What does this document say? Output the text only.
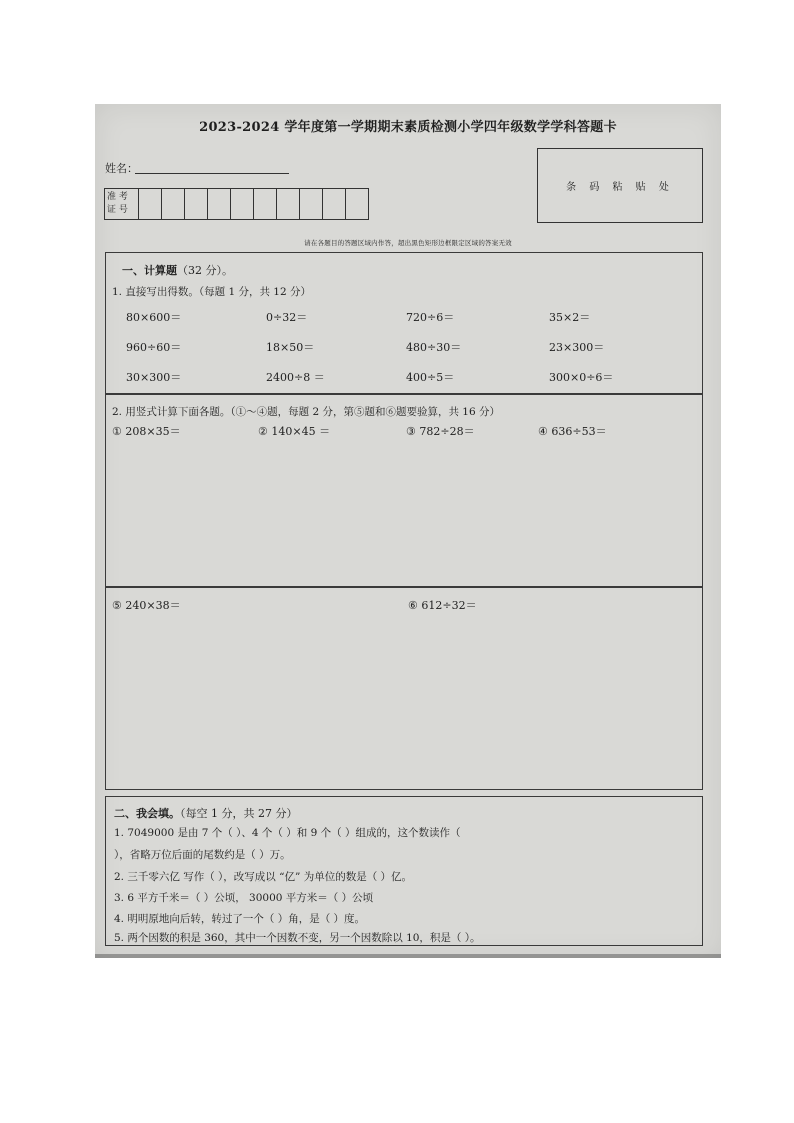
2023-2024 学年度第一学期期末素质检测小学四年级数学学科答题卡
姓名：
准 考
证 号
条 码 粘 贴 处
请在各题目的答题区域内作答，超出黑色矩形边框限定区域的答案无效
一、计算题（32 分）。
1. 直接写出得数。（每题 1 分，共 12 分）
80×600＝	0÷32＝	720÷6＝	35×2＝
960÷60＝	18×50＝	480÷30＝	23×300＝
30×300＝	2400÷8 ＝	400÷5＝	300×0÷6＝
2. 用竖式计算下面各题。（①～④题，每题 2 分，第⑤题和⑥题要验算，共 16 分）
① 208×35＝	② 140×45 ＝	③ 782÷28＝	④ 636÷53＝
⑤ 240×38＝	⑥ 612÷32＝
二、我会填。（每空 1 分，共 27 分）
1. 7049000 是由 7 个（ ）、4 个（ ）和 9 个（ ）组成的，这个数读作（
），省略万位后面的尾数约是（ ）万。
2. 三千零六亿 写作（ ），改写成以 “亿” 为单位的数是（ ）亿。
3. 6 平方千米＝（ ）公顷， 30000 平方米＝（ ）公顷
4. 明明原地向后转，转过了一个（ ）角，是（ ）度。
5. 两个因数的积是 360，其中一个因数不变，另一个因数除以 10，积是（ ）。
